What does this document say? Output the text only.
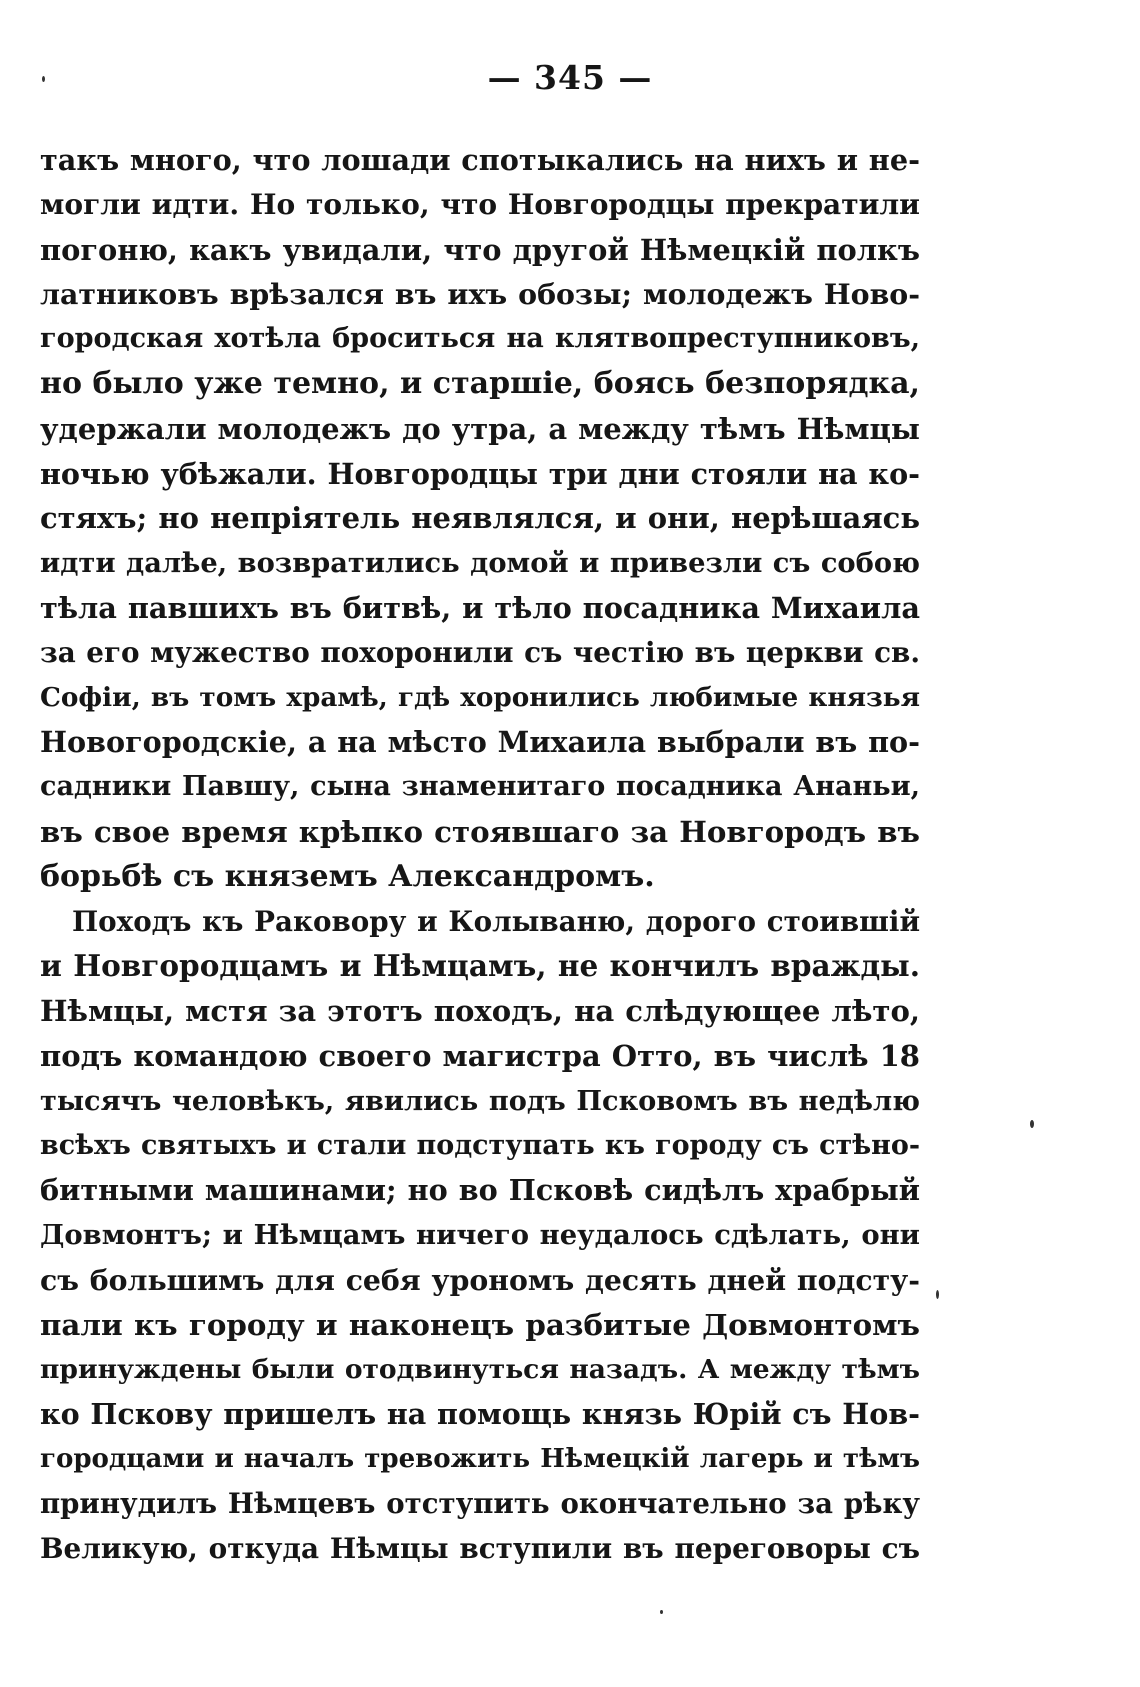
— 345 —
такъ много, что лошади спотыкались на нихъ и не-
могли идти. Но только, что Новгородцы прекратили
погоню, какъ увидали, что другой Нѣмецкій полкъ
латниковъ врѣзался въ ихъ обозы; молодежъ Ново-
городская хотѣла броситься на клятвопреступниковъ,
но было уже темно, и старшіе, боясь безпорядка,
удержали молодежъ до утра, а между тѣмъ Нѣмцы
ночью убѣжали. Новгородцы три дни стояли на ко-
стяхъ; но непріятель неявлялся, и они, нерѣшаясь
идти далѣе, возвратились домой и привезли съ собою
тѣла павшихъ въ битвѣ, и тѣло посадника Михаила
за его мужество похоронили съ честію въ церкви св.
Софіи, въ томъ храмѣ, гдѣ хоронились любимые князья
Новогородскіе, а на мѣсто Михаила выбрали въ по-
садники Павшу, сына знаменитаго посадника Ананьи,
въ свое время крѣпко стоявшаго за Новгородъ въ
борьбѣ съ княземъ Александромъ.
Походъ къ Раковору и Колываню, дорого стоившій
и Новгородцамъ и Нѣмцамъ, не кончилъ вражды.
Нѣмцы, мстя за этотъ походъ, на слѣдующее лѣто,
подъ командою своего магистра Отто, въ числѣ 18
тысячъ человѣкъ, явились подъ Псковомъ въ недѣлю
всѣхъ святыхъ и стали подступать къ городу съ стѣно-
битными машинами; но во Псковѣ сидѣлъ храбрый
Довмонтъ; и Нѣмцамъ ничего неудалось сдѣлать, они
съ большимъ для себя урономъ десять дней подсту-
пали къ городу и наконецъ разбитые Довмонтомъ
принуждены были отодвинуться назадъ. А между тѣмъ
ко Пскову пришелъ на помощь князь Юрій съ Нов-
городцами и началъ тревожить Нѣмецкій лагерь и тѣмъ
принудилъ Нѣмцевъ отступить окончательно за рѣку
Великую, откуда Нѣмцы вступили въ переговоры съ
